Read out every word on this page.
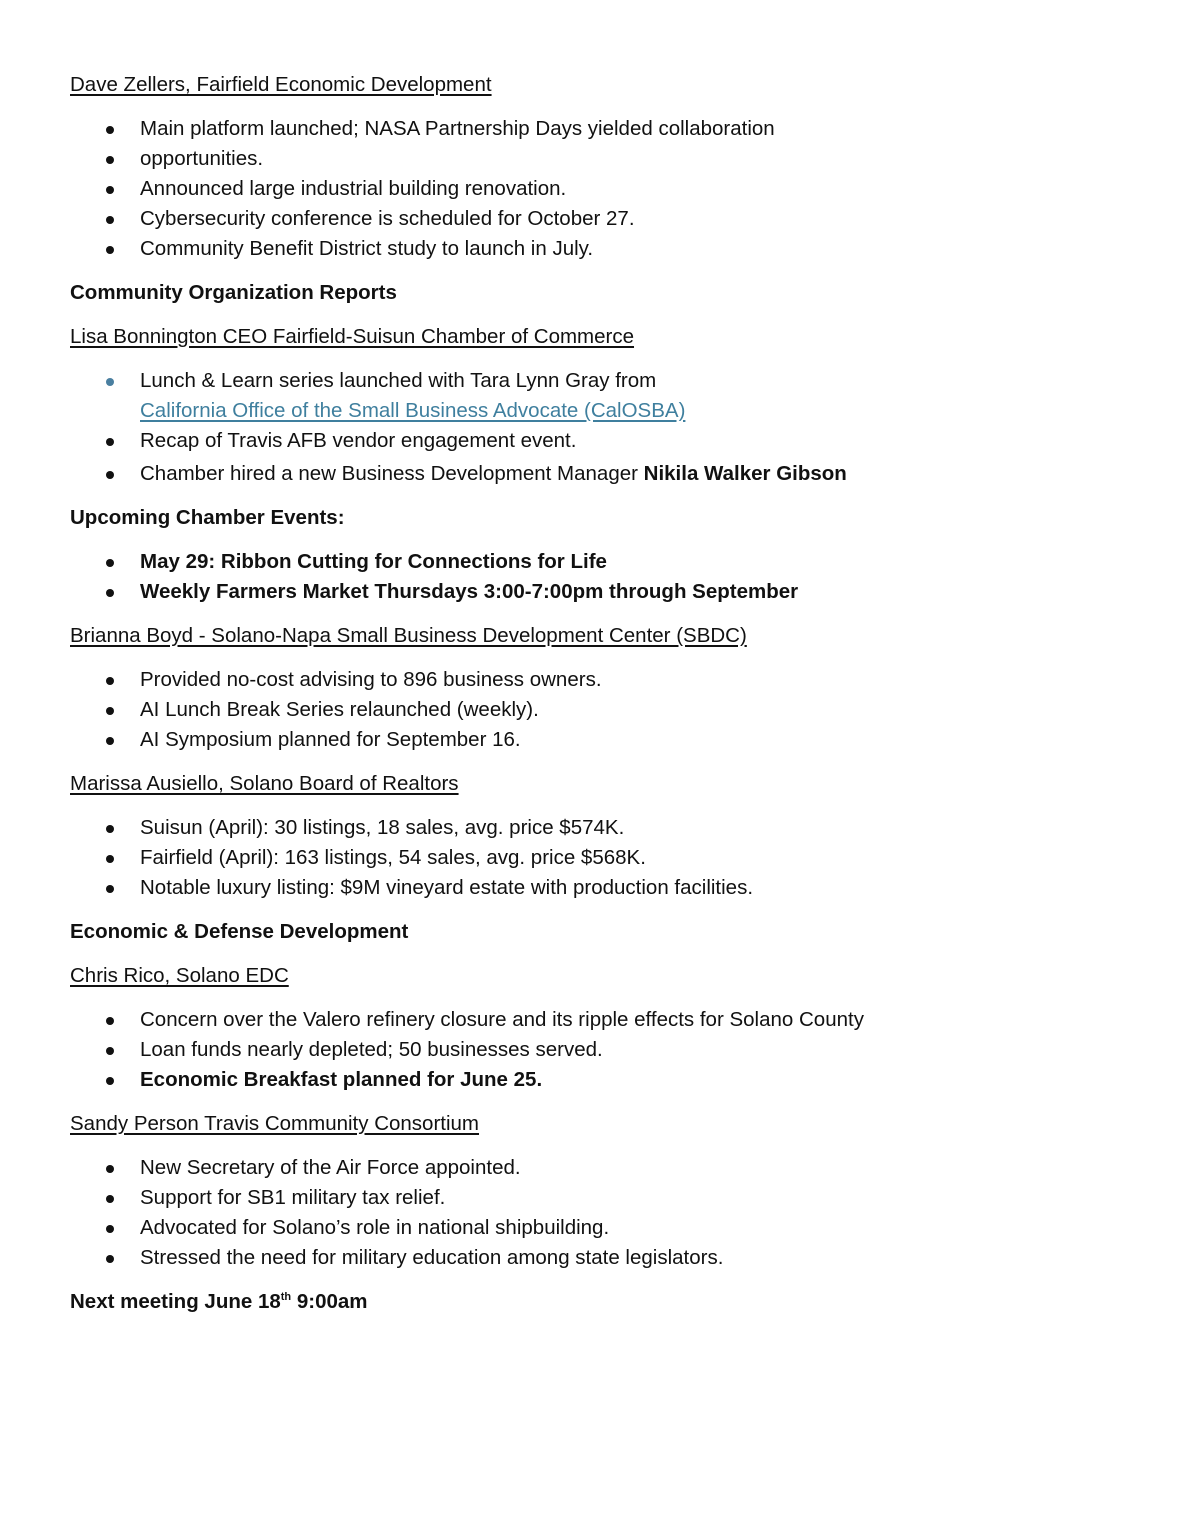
Dave Zellers, Fairfield Economic Development
Main platform launched; NASA Partnership Days yielded collaboration
opportunities.
Announced large industrial building renovation.
Cybersecurity conference is scheduled for October 27.
Community Benefit District study to launch in July.
Community Organization Reports
Lisa Bonnington CEO Fairfield-Suisun Chamber of Commerce
Lunch & Learn series launched with Tara Lynn Gray from
California Office of the Small Business Advocate (CalOSBA)
Recap of Travis AFB vendor engagement event.
Chamber hired a new Business Development Manager Nikila Walker Gibson
Upcoming Chamber Events:
May 29: Ribbon Cutting for Connections for Life
Weekly Farmers Market Thursdays 3:00-7:00pm through September
Brianna Boyd - Solano-Napa Small Business Development Center (SBDC)
Provided no-cost advising to 896 business owners.
AI Lunch Break Series relaunched (weekly).
AI Symposium planned for September 16.
Marissa Ausiello, Solano Board of Realtors
Suisun (April): 30 listings, 18 sales, avg. price $574K.
Fairfield (April): 163 listings, 54 sales, avg. price $568K.
Notable luxury listing: $9M vineyard estate with production facilities.
Economic & Defense Development
Chris Rico, Solano EDC
Concern over the Valero refinery closure and its ripple effects for Solano County
Loan funds nearly depleted; 50 businesses served.
Economic Breakfast planned for June 25.
Sandy Person Travis Community Consortium
New Secretary of the Air Force appointed.
Support for SB1 military tax relief.
Advocated for Solano’s role in national shipbuilding.
Stressed the need for military education among state legislators.
Next meeting June 18th 9:00am
